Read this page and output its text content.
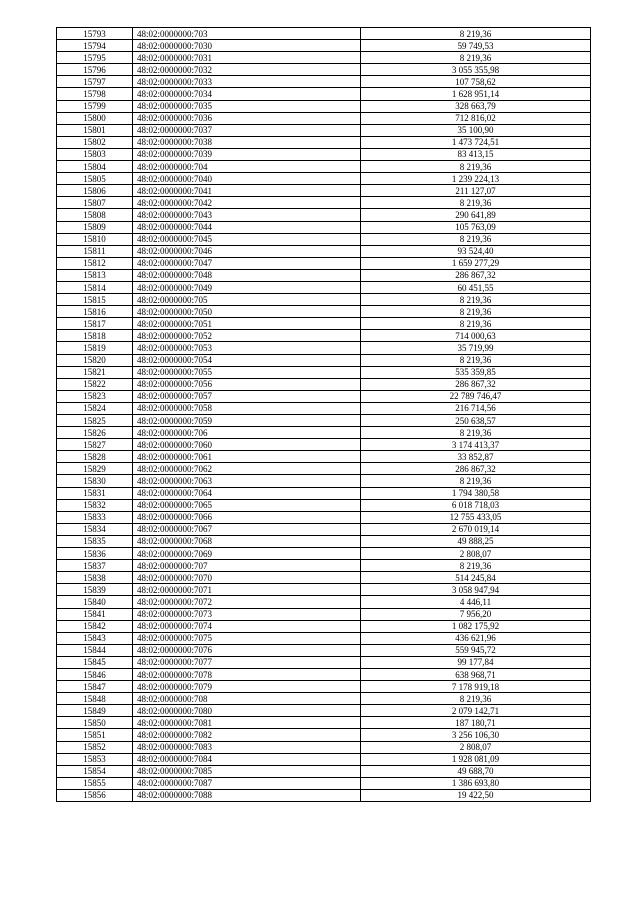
15793	48:02:0000000:703	8 219,36
15794	48:02:0000000:7030	59 749,53
15795	48:02:0000000:7031	8 219,36
15796	48:02:0000000:7032	3 055 355,98
15797	48:02:0000000:7033	107 758,62
15798	48:02:0000000:7034	1 628 951,14
15799	48:02:0000000:7035	328 663,79
15800	48:02:0000000:7036	712 816,02
15801	48:02:0000000:7037	35 100,90
15802	48:02:0000000:7038	1 473 724,51
15803	48:02:0000000:7039	83 413,15
15804	48:02:0000000:704	8 219,36
15805	48:02:0000000:7040	1 239 224,13
15806	48:02:0000000:7041	211 127,07
15807	48:02:0000000:7042	8 219,36
15808	48:02:0000000:7043	290 641,89
15809	48:02:0000000:7044	105 763,09
15810	48:02:0000000:7045	8 219,36
15811	48:02:0000000:7046	93 524,40
15812	48:02:0000000:7047	1 659 277,29
15813	48:02:0000000:7048	286 867,32
15814	48:02:0000000:7049	60 451,55
15815	48:02:0000000:705	8 219,36
15816	48:02:0000000:7050	8 219,36
15817	48:02:0000000:7051	8 219,36
15818	48:02:0000000:7052	714 000,63
15819	48:02:0000000:7053	35 719,99
15820	48:02:0000000:7054	8 219,36
15821	48:02:0000000:7055	535 359,85
15822	48:02:0000000:7056	286 867,32
15823	48:02:0000000:7057	22 789 746,47
15824	48:02:0000000:7058	216 714,56
15825	48:02:0000000:7059	250 638,57
15826	48:02:0000000:706	8 219,36
15827	48:02:0000000:7060	3 174 413,37
15828	48:02:0000000:7061	33 852,87
15829	48:02:0000000:7062	286 867,32
15830	48:02:0000000:7063	8 219,36
15831	48:02:0000000:7064	1 794 380,58
15832	48:02:0000000:7065	6 018 718,03
15833	48:02:0000000:7066	12 755 433,05
15834	48:02:0000000:7067	2 670 019,14
15835	48:02:0000000:7068	49 888,25
15836	48:02:0000000:7069	2 808,07
15837	48:02:0000000:707	8 219,36
15838	48:02:0000000:7070	514 245,84
15839	48:02:0000000:7071	3 058 947,94
15840	48:02:0000000:7072	4 446,11
15841	48:02:0000000:7073	7 956,20
15842	48:02:0000000:7074	1 082 175,92
15843	48:02:0000000:7075	436 621,96
15844	48:02:0000000:7076	559 945,72
15845	48:02:0000000:7077	99 177,84
15846	48:02:0000000:7078	638 968,71
15847	48:02:0000000:7079	7 178 919,18
15848	48:02:0000000:708	8 219,36
15849	48:02:0000000:7080	2 079 142,71
15850	48:02:0000000:7081	187 180,71
15851	48:02:0000000:7082	3 256 106,30
15852	48:02:0000000:7083	2 808,07
15853	48:02:0000000:7084	1 928 081,09
15854	48:02:0000000:7085	49 688,70
15855	48:02:0000000:7087	1 386 693,80
15856	48:02:0000000:7088	19 422,50
